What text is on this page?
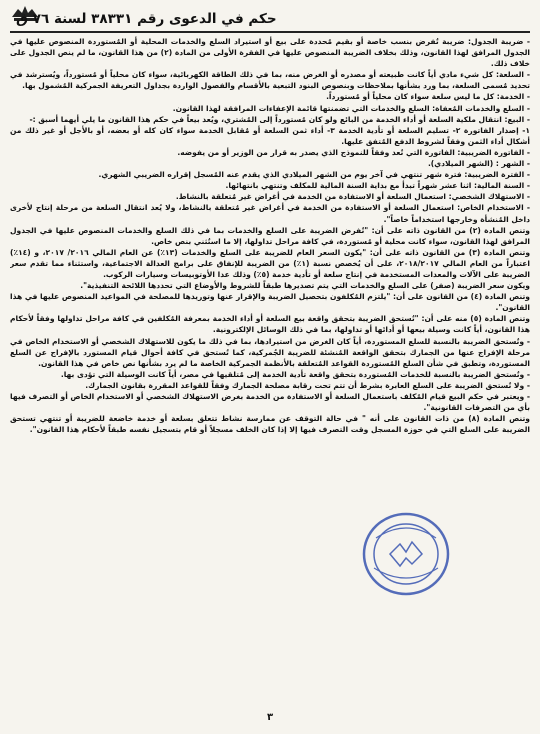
حكم في الدعوى رقم ٣٨٣٣١ لسنة ٧٦ ق

- ضريبة الجدول: ضريبة تُفرض بنسب خاصة أو بقيم مُحددة على بيع أو استيراد السلع والخدمات المحلية أو المُستوردة المنصوص عليها في الجدول المرافق لهذا القانون، وذلك بخلاف الضريبة المنصوص عليها في الفقرة الأولى من المادة (٢) من هذا القانون، ما لم ينص الجدول على خلاف ذلك.

- السلعة: كل شيء مادي أياً كانت طبيعته أو مصدره أو الغرض منه، بما في ذلك الطاقة الكهربائية، سواء كان محلياً أو مُستورداً، ويُسترشد في تحديد مُسمى السلعة، بما ورد بشأنها بملاحظات وبنصوص البنود التبعية بالأقسام والفصول الواردة بجداول التعريفة الجمركية المُشمول بها.

- الخدمة: كل ما ليس سلعة سواء كان محلياً أو مُستورداً.

- السلع والخدمات المُعفاة: السلع والخدمات التي تضمنتها قائمة الإعفاءات المرافقة لهذا القانون.

- البيع: انتقال ملكية السلعة أو أداء الخدمة من البائع ولو كان مُستورداً إلى المُشتري، ويُعد بيعاً في حكم هذا القانون ما يلي أيهما أسبق :-

١- إصدار الفاتورة ٢- تسليم السلعة أو تأدية الخدمة ٣- أداء ثمن السلعة أو مُقابل الخدمة سواء كان كله أو بعضه، أو بالأجل أو غير ذلك من أشكال أداء الثمن وفقاً لشروط الدفع المُتفق عليها.

- الفاتورة الضريبية: الفاتورة التي تُعد وفقاً للنموذج الذي يصدر به قرار من الوزير أو من يفوضه.

- الشهر : (الشهر الميلادي).

- الفترة الضريبية: فترة شهر تنتهي في آخر يوم من الشهر الميلادي الذي يقدم عنه المُسجل إقراره الضريبي الشهري.

- السنة المالية: اثنا عشر شهراً تبدأ مع بداية السنة المالية للمكلف وتنتهي بانتهائها.

- الاستهلاك الشخصي: استعمال السلعة أو الاستفادة من الخدمة في أغراض غير مُتعلقة بالنشاط.

- الاستخدام الخاص: استعمال السلعة أو الاستفادة من الخدمة في أغراض غير مُتعلقة بالنشاط، ولا يُعد انتقال السلعة من مرحلة إنتاج لأخرى داخل المُنشأة وخارجها استخداماً خاصاً".

وتنص المادة (٢) من القانون ذاته على أن: "تُفرض الضريبة على السلع والخدمات بما في ذلك السلع والخدمات المنصوص عليها في الجدول المرافق لهذا القانون، سواء كانت محلية أو مُستوردة، في كافة مراحل تداولها، إلا ما استُثني بنص خاص.

وتنص المادة (٣) من القانون ذاته على أن: "يكون السعر العام للضريبة على السلع والخدمات (١٣٪) عن العام المالي ٢٠١٦/ ٢٠١٧، و (١٤٪) اعتباراً من العام المالي ٢٠١٨/٢٠١٧، على أن يُخصص نسبة (١٪) من الضريبة للإنفاق على برامج العدالة الاجتماعية، واستثناء مما تقدم سعر الضريبة على الآلات والمعدات المستخدمة في إنتاج سلعة أو تأدية خدمة (٥٪) وذلك عدا الأوتوبيسات وسيارات الركوب.

ويكون سعر الضريبة (صفر) على السلع والخدمات التي يتم تصديرها طبقاً للشروط والأوضاع التي تحددها اللائحة التنفيذية".

وتنص المادة (٤) من القانون على أن: "يلتزم المُكلفون بتحصيل الضريبة والإقرار عنها وتوريدها للمصلحة في المواعيد المنصوص عليها في هذا القانون".

وتنص المادة (٥) منه على أن: "تُستحق الضريبة بتحقق واقعة بيع السلعة أو أداء الخدمة بمعرفة المُكلفين في كافة مراحل تداولها وفقاً لأحكام هذا القانون، أياً كانت وسيلة بيعها أو أدائها أو تداولها، بما في ذلك الوسائل الإلكترونية.

- وتُستحق الضريبة بالنسبة للسلع المستوردة، أياً كان الغرض من استيرادها، بما في ذلك ما يكون للاستهلاك الشخصي أو الاستخدام الخاص في مرحلة الإفراج عنها من الجمارك بتحقق الواقعة المُنشئة للضريبة الجُمركية، كما تُستحق في كافة أحوال قيام المستورد بالإفراج عن السلع المستوردة، وتطبق في شأن السلع المُستوردة القواعد المُتعلقة بالأنظمة الجمركية الخاصة ما لم يرد بشأنها نص خاص في هذا القانون.

- وتُستحق الضريبة بالنسبة للخدمات المُستوردة بتحقق واقعة تأدية الخدمة إلى مُتلقيها في مصر، أياً كانت الوسيلة التي تؤدى بها.

- ولا تُستحق الضريبة على السلع العابرة بشرط أن تتم تحت رقابة مصلحة الجمارك وفقاً للقواعد المقررة بقانون الجمارك.

- ويعتبر في حكم البيع قيام المُكلف باستعمال السلعة أو الاستفادة من الخدمة بغرض الاستهلاك الشخصي أو الاستخدام الخاص أو التصرف فيها بأي من التصرفات القانونية".

وتنص المادة (٨) من ذات القانون على أنه " في حالة التوقف عن ممارسة نشاط تتعلق بسلعة أو خدمة خاضعة للضريبة أو تنتهي تستحق الضريبة على السلع التي في حوزة المسجل وقت التصرف فيها إلا إذا كان الخلف مسجلاً أو قام بتسجيل نفسه طبقاً لأحكام هذا القانون".

٣
